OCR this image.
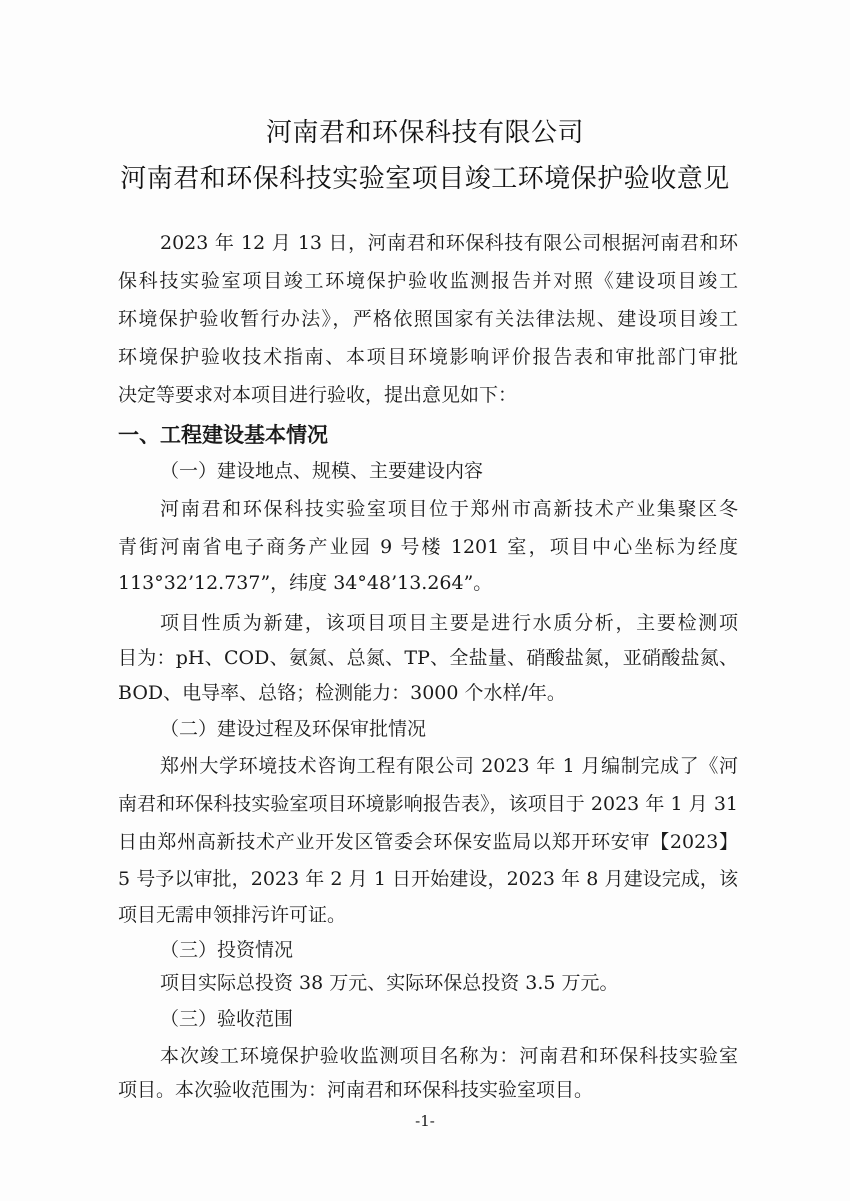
河南君和环保科技有限公司
河南君和环保科技实验室项目竣工环境保护验收意见
2023 年 12 月 13 日，河南君和环保科技有限公司根据河南君和环
保科技实验室项目竣工环境保护验收监测报告并对照《建设项目竣工
环境保护验收暂行办法》，严格依照国家有关法律法规、建设项目竣工
环境保护验收技术指南、本项目环境影响评价报告表和审批部门审批
决定等要求对本项目进行验收，提出意见如下：
一、工程建设基本情况
（一）建设地点、规模、主要建设内容
河南君和环保科技实验室项目位于郑州市高新技术产业集聚区冬
青街河南省电子商务产业园 9 号楼 1201 室，项目中心坐标为经度
113°32’12.737”，纬度 34°48’13.264”。
项目性质为新建，该项目项目主要是进行水质分析，主要检测项
目为：pH、COD、氨氮、总氮、TP、全盐量、硝酸盐氮，亚硝酸盐氮、
BOD、电导率、总铬；检测能力：3000 个水样/年。
（二）建设过程及环保审批情况
郑州大学环境技术咨询工程有限公司 2023 年 1 月编制完成了《河
南君和环保科技实验室项目环境影响报告表》，该项目于 2023 年 1 月 31
日由郑州高新技术产业开发区管委会环保安监局以郑开环安审【2023】
5 号予以审批，2023 年 2 月 1 日开始建设，2023 年 8 月建设完成，该
项目无需申领排污许可证。
（三）投资情况
项目实际总投资 38 万元、实际环保总投资 3.5 万元。
（三）验收范围
本次竣工环境保护验收监测项目名称为：河南君和环保科技实验室
项目。本次验收范围为：河南君和环保科技实验室项目。
-1-
